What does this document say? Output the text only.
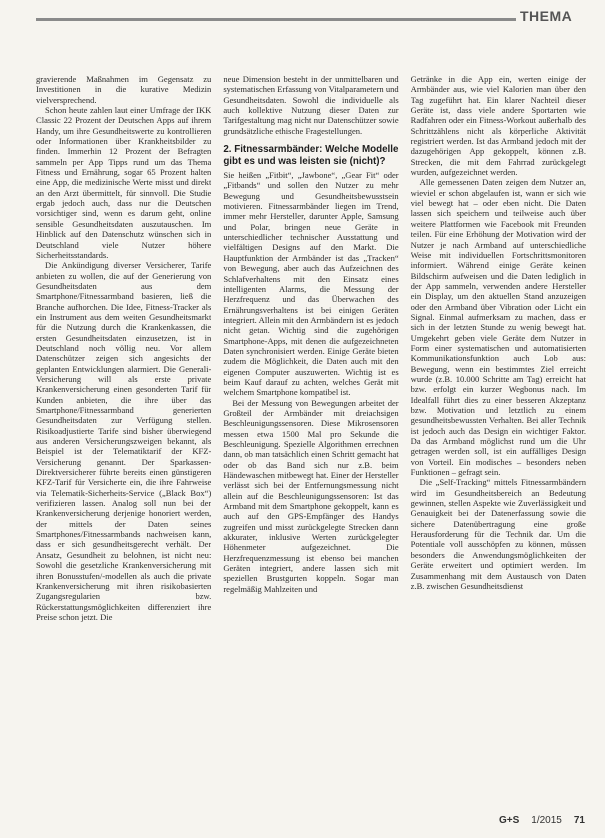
THEMA

gravierende Maßnahmen im Gegensatz zu Investitionen in die kurative Medizin vielversprechend.

Schon heute zahlen laut einer Umfrage der IKK Classic 22 Prozent der Deutschen Apps auf ihrem Handy, um ihre Gesundheitswerte zu kontrollieren oder Informationen über Krankheitsbilder zu finden. Immerhin 12 Prozent der Befragten sammeln per App Tipps rund um das Thema Fitness und Ernährung, sogar 65 Prozent halten eine App, die medizinische Werte misst und direkt an den Arzt übermittelt, für sinnvoll. Die Studie ergab jedoch auch, dass nur die Deutschen vorsichtiger sind, wenn es darum geht, online sensible Gesundheitsdaten auszutauschen. Im Hinblick auf den Datenschutz wünschen sich in Deutschland viele Nutzer höhere Sicherheitsstandards.

Die Ankündigung diverser Versicherer, Tarife anbieten zu wollen, die auf der Generierung von Gesundheitsdaten aus dem Smartphone/Fitnessarmband basieren, ließ die Branche aufhorchen. Die Idee, Fitness-Tracker als ein Instrument aus dem weiten Gesundheitsmarkt für die Nutzung durch die Krankenkassen, die ersten Gesundheitsdaten einzusetzen, ist in Deutschland noch völlig neu. Vor allem Datenschützer zeigen sich angesichts der geplanten Entwicklungen alarmiert. Die Generali-Versicherung will als erste private Krankenversicherung einen gesonderten Tarif für Kunden anbieten, die ihre über das Smartphone/Fitnessarmband generierten Gesundheitsdaten zur Verfügung stellen. Risikoadjustierte Tarife sind bisher überwiegend aus anderen Versicherungszweigen bekannt, als Beispiel ist der Telematiktarif der KFZ-Versicherung genannt. Der Sparkassen-Direktversicherer führte bereits einen günstigeren KFZ-Tarif für Versicherte ein, die ihre Fahrweise via Telematik-Sicherheits-Service („Black Box“) verifizieren lassen. Analog soll nun bei der Krankenversicherung derjenige honoriert werden, der mittels der Daten seines Smartphones/Fitnessarmbands nachweisen kann, dass er sich gesundheitsgerecht verhält. Der Ansatz, Gesundheit zu belohnen, ist nicht neu: Sowohl die gesetzliche Krankenversicherung mit ihren Bonusstufen/-modellen als auch die private Krankenversicherung mit ihren risikobasierten Zugangsregularien bzw. Rückerstattungsmöglichkeiten differenziert ihre Preise schon jetzt. Die

neue Dimension besteht in der unmittelbaren und systematischen Erfassung von Vitalparametern und Gesundheitsdaten. Sowohl die individuelle als auch kollektive Nutzung dieser Daten zur Tarifgestaltung mag nicht nur Datenschützer sowie grundsätzliche ethische Fragestellungen.

2. Fitnessarmbänder: Welche Modelle gibt es und was leisten sie (nicht)?

Sie heißen „Fitbit“, „Jawbone“, „Gear Fit“ oder „Fitbands“ und sollen den Nutzer zu mehr Bewegung und Gesundheitsbewusstsein motivieren. Fitnessarmbänder liegen im Trend, immer mehr Hersteller, darunter Apple, Samsung und Polar, bringen neue Geräte in unterschiedlicher technischer Ausstattung und vielfältigen Designs auf den Markt. Die Hauptfunktion der Armbänder ist das „Tracken“ von Bewegung, aber auch das Aufzeichnen des Schlafverhaltens mit den Einsatz eines intelligenten Alarms, die Messung der Herzfrequenz und das Überwachen des Ernährungsverhaltens ist bei einigen Geräten integriert. Allein mit den Armbändern ist es jedoch nicht getan. Wichtig sind die zugehörigen Smartphone-Apps, mit denen die aufgezeichneten Daten synchronisiert werden. Einige Geräte bieten zudem die Möglichkeit, die Daten auch mit den eigenen Computer auszuwerten. Wichtig ist es beim Kauf darauf zu achten, welches Gerät mit welchem Smartphone kompatibel ist.

Bei der Messung von Bewegungen arbeitet der Großteil der Armbänder mit dreiachsigen Beschleunigungssensoren. Diese Mikrosensoren messen etwa 1500 Mal pro Sekunde die Beschleunigung. Spezielle Algorithmen errechnen dann, ob man tatsächlich einen Schritt gemacht hat oder ob das Band sich nur z.B. beim Händewaschen mitbewegt hat. Einer der Hersteller verlässt sich bei der Entfernungsmessung nicht allein auf die Beschleunigungssensoren: Ist das Armband mit dem Smartphone gekoppelt, kann es auch auf den GPS-Empfänger des Handys zugreifen und misst zurückgelegte Strecken dann akkurater, inklusive Werten zurückgelegter Höhenmeter aufgezeichnet. Die Herzfrequenzmessung ist ebenso bei manchen Geräten integriert, andere lassen sich mit speziellen Brustgurten koppeln. Sogar man regelmäßig Mahlzeiten und

Getränke in die App ein, werten einige der Armbänder aus, wie viel Kalorien man über den Tag zugeführt hat. Ein klarer Nachteil dieser Geräte ist, dass viele andere Sportarten wie Radfahren oder ein Fitness-Workout außerhalb des Schrittzählens nicht als körperliche Aktivität registriert werden. Ist das Armband jedoch mit der dazugehörigen App gekoppelt, können z.B. Strecken, die mit dem Fahrrad zurückgelegt wurden, aufgezeichnet werden.

Alle gemessenen Daten zeigen dem Nutzer an, wieviel er schon abgelaufen ist, wann er sich wie viel bewegt hat – oder eben nicht. Die Daten lassen sich speichern und teilweise auch über weitere Plattformen wie Facebook mit Freunden teilen. Für eine Erhöhung der Motivation wird der Nutzer je nach Armband auf unterschiedliche Weise mit individuellen Fortschrittsmonitoren informiert. Während einige Geräte keinen Bildschirm aufweisen und die Daten lediglich in der App sammeln, verwenden andere Hersteller ein Display, um den aktuellen Stand anzuzeigen oder den Armband über Vibration oder Licht ein Signal. Einmal aufmerksam zu machen, dass er sich in der letzten Stunde zu wenig bewegt hat. Umgekehrt geben viele Geräte dem Nutzer in Form einer systematischen und automatisierten Kommunikationsfunktion auch Lob aus: Bewegung, wenn ein bestimmtes Ziel erreicht wurde (z.B. 10.000 Schritte am Tag) erreicht hat bzw. erfolgt ein kurzer Wegbonus nach. Im Idealfall führt dies zu einer besseren Akzeptanz bzw. Motivation und letztlich zu einem gesundheitsbewussten Verhalten. Bei aller Technik ist jedoch auch das Design ein wichtiger Faktor. Da das Armband möglichst rund um die Uhr getragen werden soll, ist ein auffälliges Design von Vorteil. Ein modisches – besonders neben Funktionen – gefragt sein.

Die „Self-Tracking“ mittels Fitnessarmbändern wird im Gesundheitsbereich an Bedeutung gewinnen, stellen Aspekte wie Zuverlässigkeit und Genauigkeit bei der Datenerfassung sowie die sichere Datenübertragung eine große Herausforderung für die Technik dar. Um die Potentiale voll ausschöpfen zu können, müssen besonders die Anwendungsmöglichkeiten der Geräte erweitert und optimiert werden. Im Zusammenhang mit dem Austausch von Daten z.B. zwischen Gesundheitsdienst

G+S 1/2015 71
